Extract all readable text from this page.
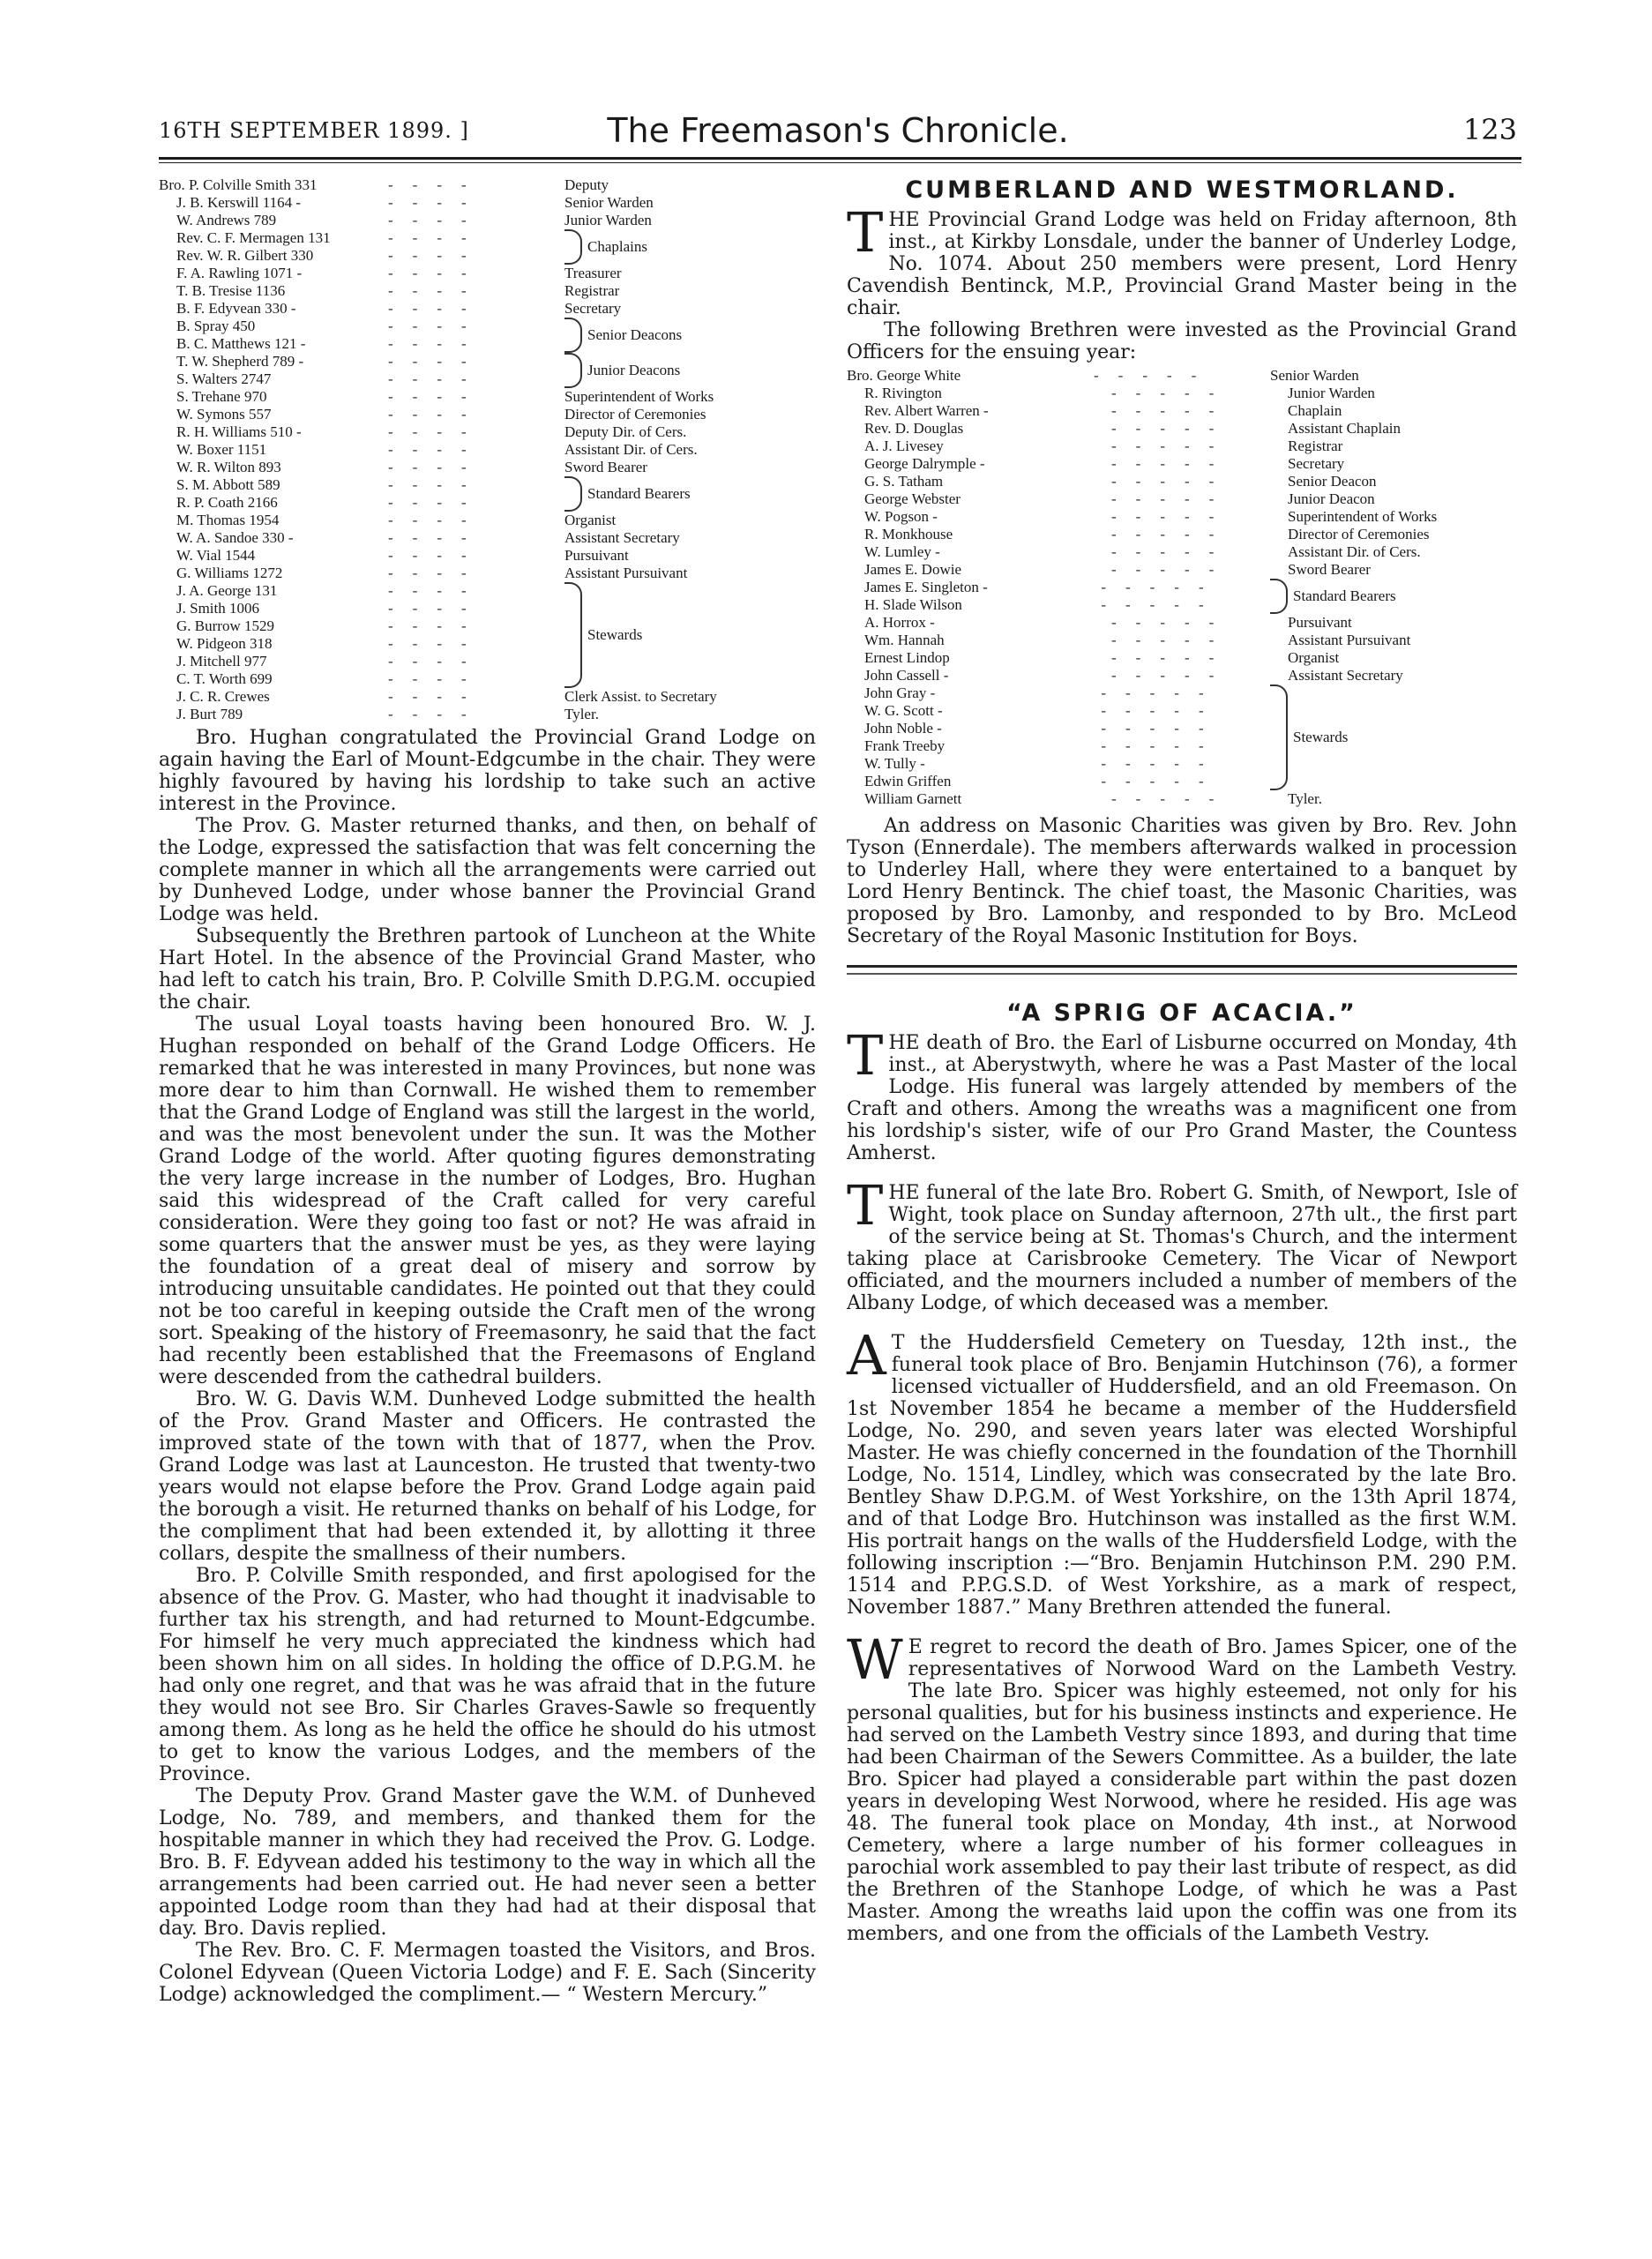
16TH SEPTEMBER 1899. ]	The Freemason's Chronicle.	123
Bro. P. Colville Smith 331	----	Deputy
J. B. Kerswill 1164 -	----	Senior Warden
W. Andrews 789	----	Junior Warden
Rev. C. F. Mermagen 131	----
Rev. W. R. Gilbert 330	----
Chaplains
F. A. Rawling 1071 -	----	Treasurer
T. B. Tresise 1136	----	Registrar
B. F. Edyvean 330 -	----	Secretary
B. Spray 450	----
B. C. Matthews 121 -	----
Senior Deacons
T. W. Shepherd 789 -	----
S. Walters 2747	----
Junior Deacons
S. Trehane 970	----	Superintendent of Works
W. Symons 557	----	Director of Ceremonies
R. H. Williams 510 -	----	Deputy Dir. of Cers.
W. Boxer 1151	----	Assistant Dir. of Cers.
W. R. Wilton 893	----	Sword Bearer
S. M. Abbott 589	----
R. P. Coath 2166	----
Standard Bearers
M. Thomas 1954	----	Organist
W. A. Sandoe 330 -	----	Assistant Secretary
W. Vial 1544	----	Pursuivant
G. Williams 1272	----	Assistant Pursuivant
J. A. George 131	----
J. Smith 1006	----
G. Burrow 1529	----
W. Pidgeon 318	----
J. Mitchell 977	----
C. T. Worth 699	----
Stewards
J. C. R. Crewes	----	Clerk Assist. to Secretary
J. Burt 789	----	Tyler.

Bro. Hughan congratulated the Provincial Grand Lodge on again having the Earl of Mount-Edgcumbe in the chair. They were highly favoured by having his lordship to take such an active interest in the Province.

The Prov. G. Master returned thanks, and then, on behalf of the Lodge, expressed the satisfaction that was felt concerning the complete manner in which all the arrangements were carried out by Dunheved Lodge, under whose banner the Provincial Grand Lodge was held.

Subsequently the Brethren partook of Luncheon at the White Hart Hotel. In the absence of the Provincial Grand Master, who had left to catch his train, Bro. P. Colville Smith D.P.G.M. occupied the chair.

The usual Loyal toasts having been honoured Bro. W. J. Hughan responded on behalf of the Grand Lodge Officers. He remarked that he was interested in many Provinces, but none was more dear to him than Cornwall. He wished them to remember that the Grand Lodge of England was still the largest in the world, and was the most benevolent under the sun. It was the Mother Grand Lodge of the world. After quoting figures demonstrating the very large increase in the number of Lodges, Bro. Hughan said this widespread of the Craft called for very careful consideration. Were they going too fast or not? He was afraid in some quarters that the answer must be yes, as they were laying the foundation of a great deal of misery and sorrow by introducing unsuitable candidates. He pointed out that they could not be too careful in keeping outside the Craft men of the wrong sort. Speaking of the history of Freemasonry, he said that the fact had recently been established that the Freemasons of England were descended from the cathedral builders.

Bro. W. G. Davis W.M. Dunheved Lodge submitted the health of the Prov. Grand Master and Officers. He contrasted the improved state of the town with that of 1877, when the Prov. Grand Lodge was last at Launceston. He trusted that twenty-two years would not elapse before the Prov. Grand Lodge again paid the borough a visit. He returned thanks on behalf of his Lodge, for the compliment that had been extended it, by allotting it three collars, despite the smallness of their numbers.

Bro. P. Colville Smith responded, and first apologised for the absence of the Prov. G. Master, who had thought it inadvisable to further tax his strength, and had returned to Mount-Edgcumbe. For himself he very much appreciated the kindness which had been shown him on all sides. In holding the office of D.P.G.M. he had only one regret, and that was he was afraid that in the future they would not see Bro. Sir Charles Graves-Sawle so frequently among them. As long as he held the office he should do his utmost to get to know the various Lodges, and the members of the Province.

The Deputy Prov. Grand Master gave the W.M. of Dunheved Lodge, No. 789, and members, and thanked them for the hospitable manner in which they had received the Prov. G. Lodge. Bro. B. F. Edyvean added his testimony to the way in which all the arrangements had been carried out. He had never seen a better appointed Lodge room than they had had at their disposal that day. Bro. Davis replied.

The Rev. Bro. C. F. Mermagen toasted the Visitors, and Bros. Colonel Edyvean (Queen Victoria Lodge) and F. E. Sach (Sincerity Lodge) acknowledged the compliment.— “ Western Mercury.”

CUMBERLAND AND WESTMORLAND.

THE Provincial Grand Lodge was held on Friday afternoon, 8th inst., at Kirkby Lonsdale, under the banner of Underley Lodge, No. 1074. About 250 members were present, Lord Henry Cavendish Bentinck, M.P., Provincial Grand Master being in the chair.

The following Brethren were invested as the Provincial Grand Officers for the ensuing year:

Bro. George White	-----	Senior Warden
R. Rivington	-----	Junior Warden
Rev. Albert Warren -	-----	Chaplain
Rev. D. Douglas	-----	Assistant Chaplain
A. J. Livesey	-----	Registrar
George Dalrymple -	-----	Secretary
G. S. Tatham	-----	Senior Deacon
George Webster	-----	Junior Deacon
W. Pogson -	-----	Superintendent of Works
R. Monkhouse	-----	Director of Ceremonies
W. Lumley -	-----	Assistant Dir. of Cers.
James E. Dowie	-----	Sword Bearer
James E. Singleton -	-----
H. Slade Wilson	-----
Standard Bearers
A. Horrox -	-----	Pursuivant
Wm. Hannah	-----	Assistant Pursuivant
Ernest Lindop	-----	Organist
John Cassell -	-----	Assistant Secretary
John Gray -	-----
W. G. Scott -	-----
John Noble -	-----
Frank Treeby	-----
W. Tully -	-----
Edwin Griffen	-----
Stewards
William Garnett	-----	Tyler.

An address on Masonic Charities was given by Bro. Rev. John Tyson (Ennerdale). The members afterwards walked in procession to Underley Hall, where they were entertained to a banquet by Lord Henry Bentinck. The chief toast, the Masonic Charities, was proposed by Bro. Lamonby, and responded to by Bro. McLeod Secretary of the Royal Masonic Institution for Boys.

“A SPRIG OF ACACIA.”

THE death of Bro. the Earl of Lisburne occurred on Monday, 4th inst., at Aberystwyth, where he was a Past Master of the local Lodge. His funeral was largely attended by members of the Craft and others. Among the wreaths was a magnificent one from his lordship's sister, wife of our Pro Grand Master, the Countess Amherst.

THE funeral of the late Bro. Robert G. Smith, of Newport, Isle of Wight, took place on Sunday afternoon, 27th ult., the first part of the service being at St. Thomas's Church, and the interment taking place at Carisbrooke Cemetery. The Vicar of Newport officiated, and the mourners included a number of members of the Albany Lodge, of which deceased was a member.

A T the Huddersfield Cemetery on Tuesday, 12th inst., the funeral took place of Bro. Benjamin Hutchinson (76), a former licensed victualler of Huddersfield, and an old Freemason. On 1st November 1854 he became a member of the Huddersfield Lodge, No. 290, and seven years later was elected Worshipful Master. He was chiefly concerned in the foundation of the Thornhill Lodge, No. 1514, Lindley, which was consecrated by the late Bro. Bentley Shaw D.P.G.M. of West Yorkshire, on the 13th April 1874, and of that Lodge Bro. Hutchinson was installed as the first W.M. His portrait hangs on the walls of the Huddersfield Lodge, with the following inscription :—“Bro. Benjamin Hutchinson P.M. 290 P.M. 1514 and P.P.G.S.D. of West Yorkshire, as a mark of respect, November 1887.” Many Brethren attended the funeral.

W E regret to record the death of Bro. James Spicer, one of the representatives of Norwood Ward on the Lambeth Vestry. The late Bro. Spicer was highly esteemed, not only for his personal qualities, but for his business instincts and experience. He had served on the Lambeth Vestry since 1893, and during that time had been Chairman of the Sewers Committee. As a builder, the late Bro. Spicer had played a considerable part within the past dozen years in developing West Norwood, where he resided. His age was 48. The funeral took place on Monday, 4th inst., at Norwood Cemetery, where a large number of his former colleagues in parochial work assembled to pay their last tribute of respect, as did the Brethren of the Stanhope Lodge, of which he was a Past Master. Among the wreaths laid upon the coffin was one from its members, and one from the officials of the Lambeth Vestry.
